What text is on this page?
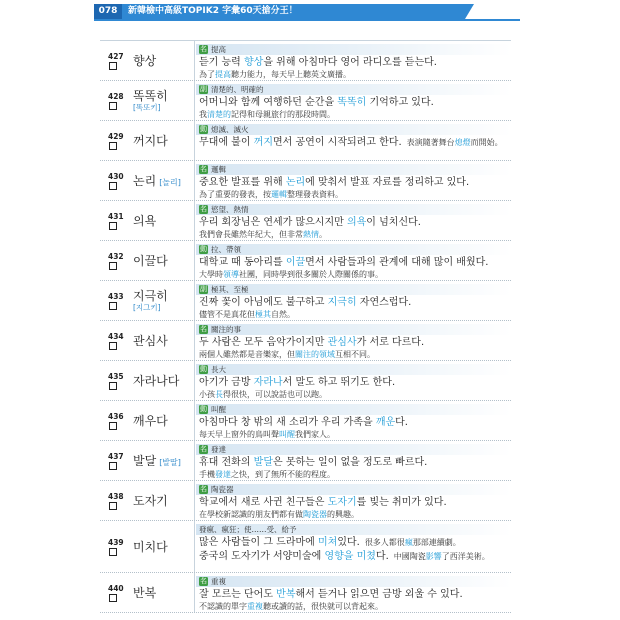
078	新韓檢中高級TOPIK2 字彙60天搶分王！
427 향상
名 提高
듣기 능력 향상을 위해 아침마다 영어 라디오를 듣는다.
為了提高聽力能力，每天早上聽英文廣播。
428 똑똑히
[똑또키]
副 清楚的、明確的
어머니와 함께 여행하던 순간을 똑똑히 기억하고 있다.
我清楚的記得和母親旅行的那段時間。
429 꺼지다
動 熄滅、滅火
무대에 불이 꺼지면서 공연이 시작되려고 한다. 表演隨著舞台熄燈而開始。
430 논리 [놀리]
名 邏輯
중요한 발표를 위해 논리에 맞춰서 발표 자료를 정리하고 있다.
為了重要的發表，按邏輯整理發表資料。
431 의욕
名 慾望、熱情
우리 회장님은 연세가 많으시지만 의욕이 넘치신다.
我們會長雖然年紀大，但非常熱情。
432 이끌다
動 拉、帶領
대학교 때 동아리를 이끌면서 사람들과의 관계에 대해 많이 배웠다.
大學時領導社團，同時學到很多關於人際關係的事。
433 지극히
[지그키]
副 極其、至極
진짜 꽃이 아님에도 불구하고 지극히 자연스럽다.
儘管不是真花但極其自然。
434 관심사
名 關注的事
두 사람은 모두 음악가이지만 관심사가 서로 다르다.
兩個人雖然都是音樂家，但關注的領域互相不同。
435 자라나다
動 長大
아기가 금방 자라나서 말도 하고 뛰기도 한다.
小孩長得很快，可以說話也可以跑。
436 깨우다
動 叫醒
아침마다 창 밖의 새 소리가 우리 가족을 깨운다.
每天早上窗外的鳥叫聲叫醒我們家人。
437 발달 [발딸]
名 發達
휴대 전화의 발달은 못하는 일이 없을 정도로 빠르다.
手機發達之快，到了無所不能的程度。
438 도자기
名 陶瓷器
학교에서 새로 사귄 친구들은 도자기를 빚는 취미가 있다.
在學校新認識的朋友們都有做陶瓷器的興趣。
439 미치다
發瘋、瘋狂；使……受、給予
많은 사람들이 그 드라마에 미쳐있다. 很多人都很瘋那部連續劇。
중국의 도자기가 서양미술에 영향을 미쳤다. 中國陶瓷影響了西洋美術。
440 반복
名 重複
잘 모르는 단어도 반복해서 듣거나 읽으면 금방 외울 수 있다.
不認識的單字重複聽或讀的話，很快就可以背起來。
